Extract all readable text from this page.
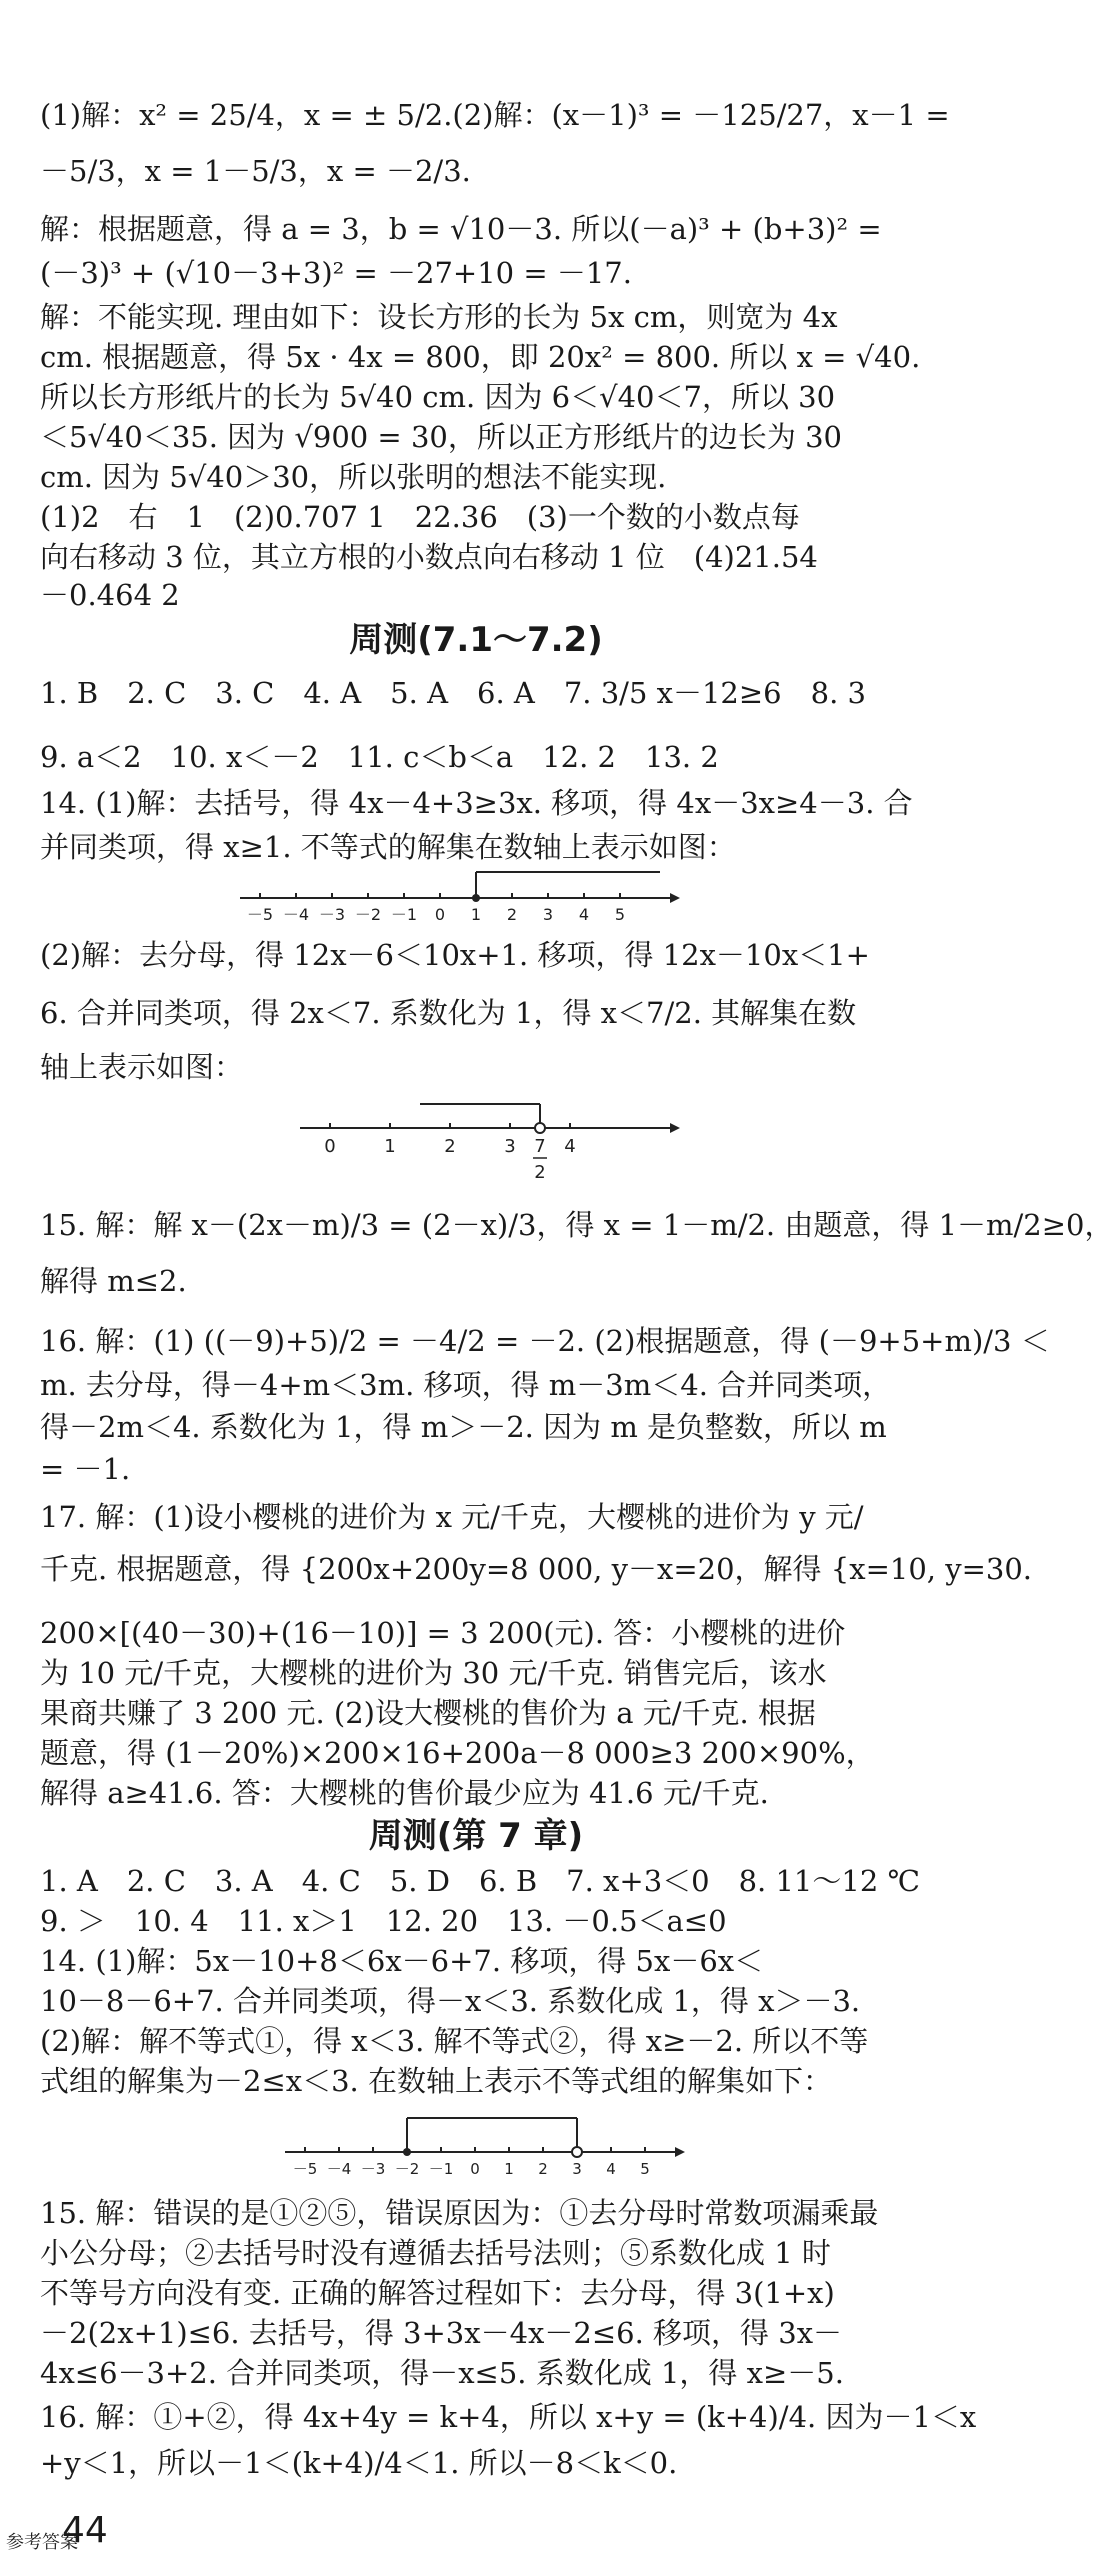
(1)解：x² = 25/4，x = ± 5/2.(2)解：(x－1)³ = －125/27，x－1 =
－5/3，x = 1－5/3，x = －2/3.
解：根据题意，得 a = 3，b = √10－3. 所以(－a)³ + (b+3)² =
(－3)³ + (√10－3+3)² = －27+10 = －17.
解：不能实现. 理由如下：设长方形的长为 5x cm，则宽为 4x
cm. 根据题意，得 5x · 4x = 800，即 20x² = 800. 所以 x = √40.
所以长方形纸片的长为 5√40 cm. 因为 6＜√40＜7，所以 30
＜5√40＜35. 因为 √900 = 30，所以正方形纸片的边长为 30
cm. 因为 5√40＞30，所以张明的想法不能实现.
(1)2　右　1　(2)0.707 1　22.36　(3)一个数的小数点每
向右移动 3 位，其立方根的小数点向右移动 1 位　(4)21.54
－0.464 2
周测(7.1～7.2)
1. B　2. C　3. C　4. A　5. A　6. A　7. 3/5 x－12≥6　8. 3
9. a＜2　10. x＜－2　11. c＜b＜a　12. 2　13. 2
14. (1)解：去括号，得 4x－4+3≥3x. 移项，得 4x－3x≥4－3. 合
并同类项，得 x≥1. 不等式的解集在数轴上表示如图：
－5 －4 －3 －2 －1 0 1 2 3 4 5
(2)解：去分母，得 12x－6＜10x+1. 移项，得 12x－10x＜1+
6. 合并同类项，得 2x＜7. 系数化为 1，得 x＜7/2. 其解集在数
轴上表示如图：
0	1	2	3 7
2
4
15. 解：解 x－(2x－m)/3 = (2－x)/3，得 x = 1－m/2. 由题意，得 1－m/2≥0，
解得 m≤2.
16. 解：(1) ((－9)+5)/2 = －4/2 = －2. (2)根据题意，得 (－9+5+m)/3 ＜
m. 去分母，得－4+m＜3m. 移项，得 m－3m＜4. 合并同类项，
得－2m＜4. 系数化为 1，得 m＞－2. 因为 m 是负整数，所以 m
= －1.
17. 解：(1)设小樱桃的进价为 x 元/千克，大樱桃的进价为 y 元/
千克. 根据题意，得 {200x+200y=8 000, y－x=20，解得 {x=10, y=30.
200×[(40－30)+(16－10)] = 3 200(元). 答：小樱桃的进价
为 10 元/千克，大樱桃的进价为 30 元/千克. 销售完后，该水
果商共赚了 3 200 元. (2)设大樱桃的售价为 a 元/千克. 根据
题意，得 (1－20%)×200×16+200a－8 000≥3 200×90%，
解得 a≥41.6. 答：大樱桃的售价最少应为 41.6 元/千克.
周测(第 7 章)
1. A　2. C　3. A　4. C　5. D　6. B　7. x+3＜0　8. 11～12 ℃
9. ＞　10. 4　11. x＞1　12. 20　13. －0.5＜a≤0
14. (1)解：5x－10+8＜6x－6+7. 移项，得 5x－6x＜
10－8－6+7. 合并同类项，得－x＜3. 系数化成 1，得 x＞－3.
(2)解：解不等式①，得 x＜3. 解不等式②，得 x≥－2. 所以不等
式组的解集为－2≤x＜3. 在数轴上表示不等式组的解集如下：
－5 －4 －3 －2 －1 0 1 2 3 4 5
15. 解：错误的是①②⑤，错误原因为：①去分母时常数项漏乘最
小公分母；②去括号时没有遵循去括号法则；⑤系数化成 1 时
不等号方向没有变. 正确的解答过程如下：去分母，得 3(1+x)
－2(2x+1)≤6. 去括号，得 3+3x－4x－2≤6. 移项，得 3x－
4x≤6－3+2. 合并同类项，得－x≤5. 系数化成 1，得 x≥－5.
16. 解：①+②，得 4x+4y = k+4，所以 x+y = (k+4)/4. 因为－1＜x
+y＜1，所以－1＜(k+4)/4＜1. 所以－8＜k＜0.
参考答案
44
